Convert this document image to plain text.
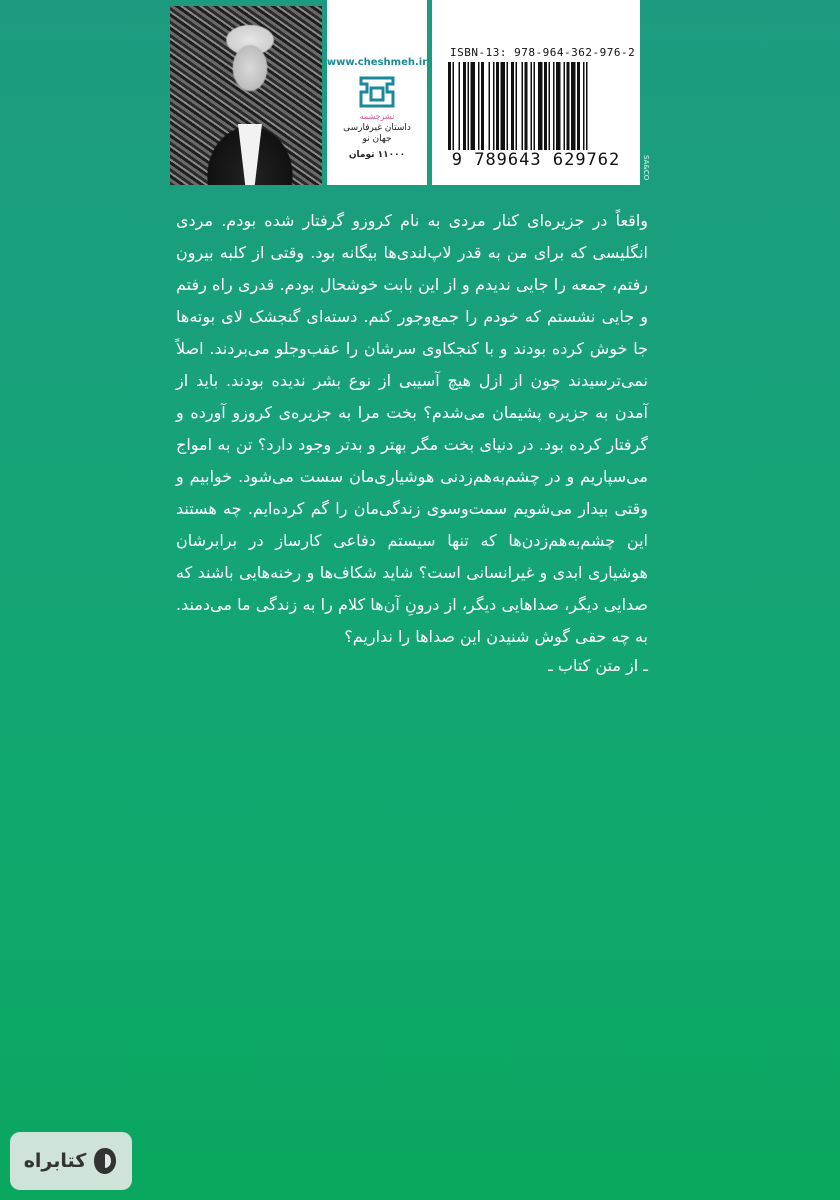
www.cheshmeh.ir
نشرچشمه
داستان غیرفارسی
جهان نو
۱۱۰۰۰ تومان
ISBN-13: 978-964-362-976-2
9 789643 629762	SA&CO
واقعاً در جزیره‌ای کنار مردی به نام کروزو گرفتار شده بودم. مردی انگلیسی که برای من به قدر لاپ‌لندی‌ها بیگانه بود. وقتی از کلبه بیرون رفتم، جمعه را جایی ندیدم و از این بابت خوشحال بودم. قدری راه رفتم و جایی نشستم که خودم را جمع‌وجور کنم. دسته‌ای گنجشک لای بوته‌ها جا خوش کرده بودند و با کنجکاوی سرشان را عقب‌وجلو می‌بردند. اصلاً نمی‌ترسیدند چون از ازل هیچ آسیبی از نوع بشر ندیده بودند. باید از آمدن به جزیره پشیمان می‌شدم؟ بخت مرا به جزیره‌ی کروزو آورده و گرفتار کرده بود. در دنیای بخت مگر بهتر و بدتر وجود دارد؟ تن به امواج می‌سپاریم و در چشم‌به‌هم‌زدنی هوشیاری‌مان سست می‌شود. خوابیم و وقتی بیدار می‌شویم سمت‌وسوی زندگی‌مان را گم کرده‌ایم. چه هستند این چشم‌به‌هم‌زدن‌ها که تنها سیستم دفاعی کارساز در برابرشان هوشیاری ابدی و غیرانسانی است؟ شاید شکاف‌ها و رخنه‌هایی باشند که صدایی دیگر، صداهایی دیگر، از درونِ آن‌ها کلام را به زندگی ما می‌دمند. به چه حقی گوش شنیدن این صداها را نداریم؟
ـ از متن کتاب ـ
کتابراه
